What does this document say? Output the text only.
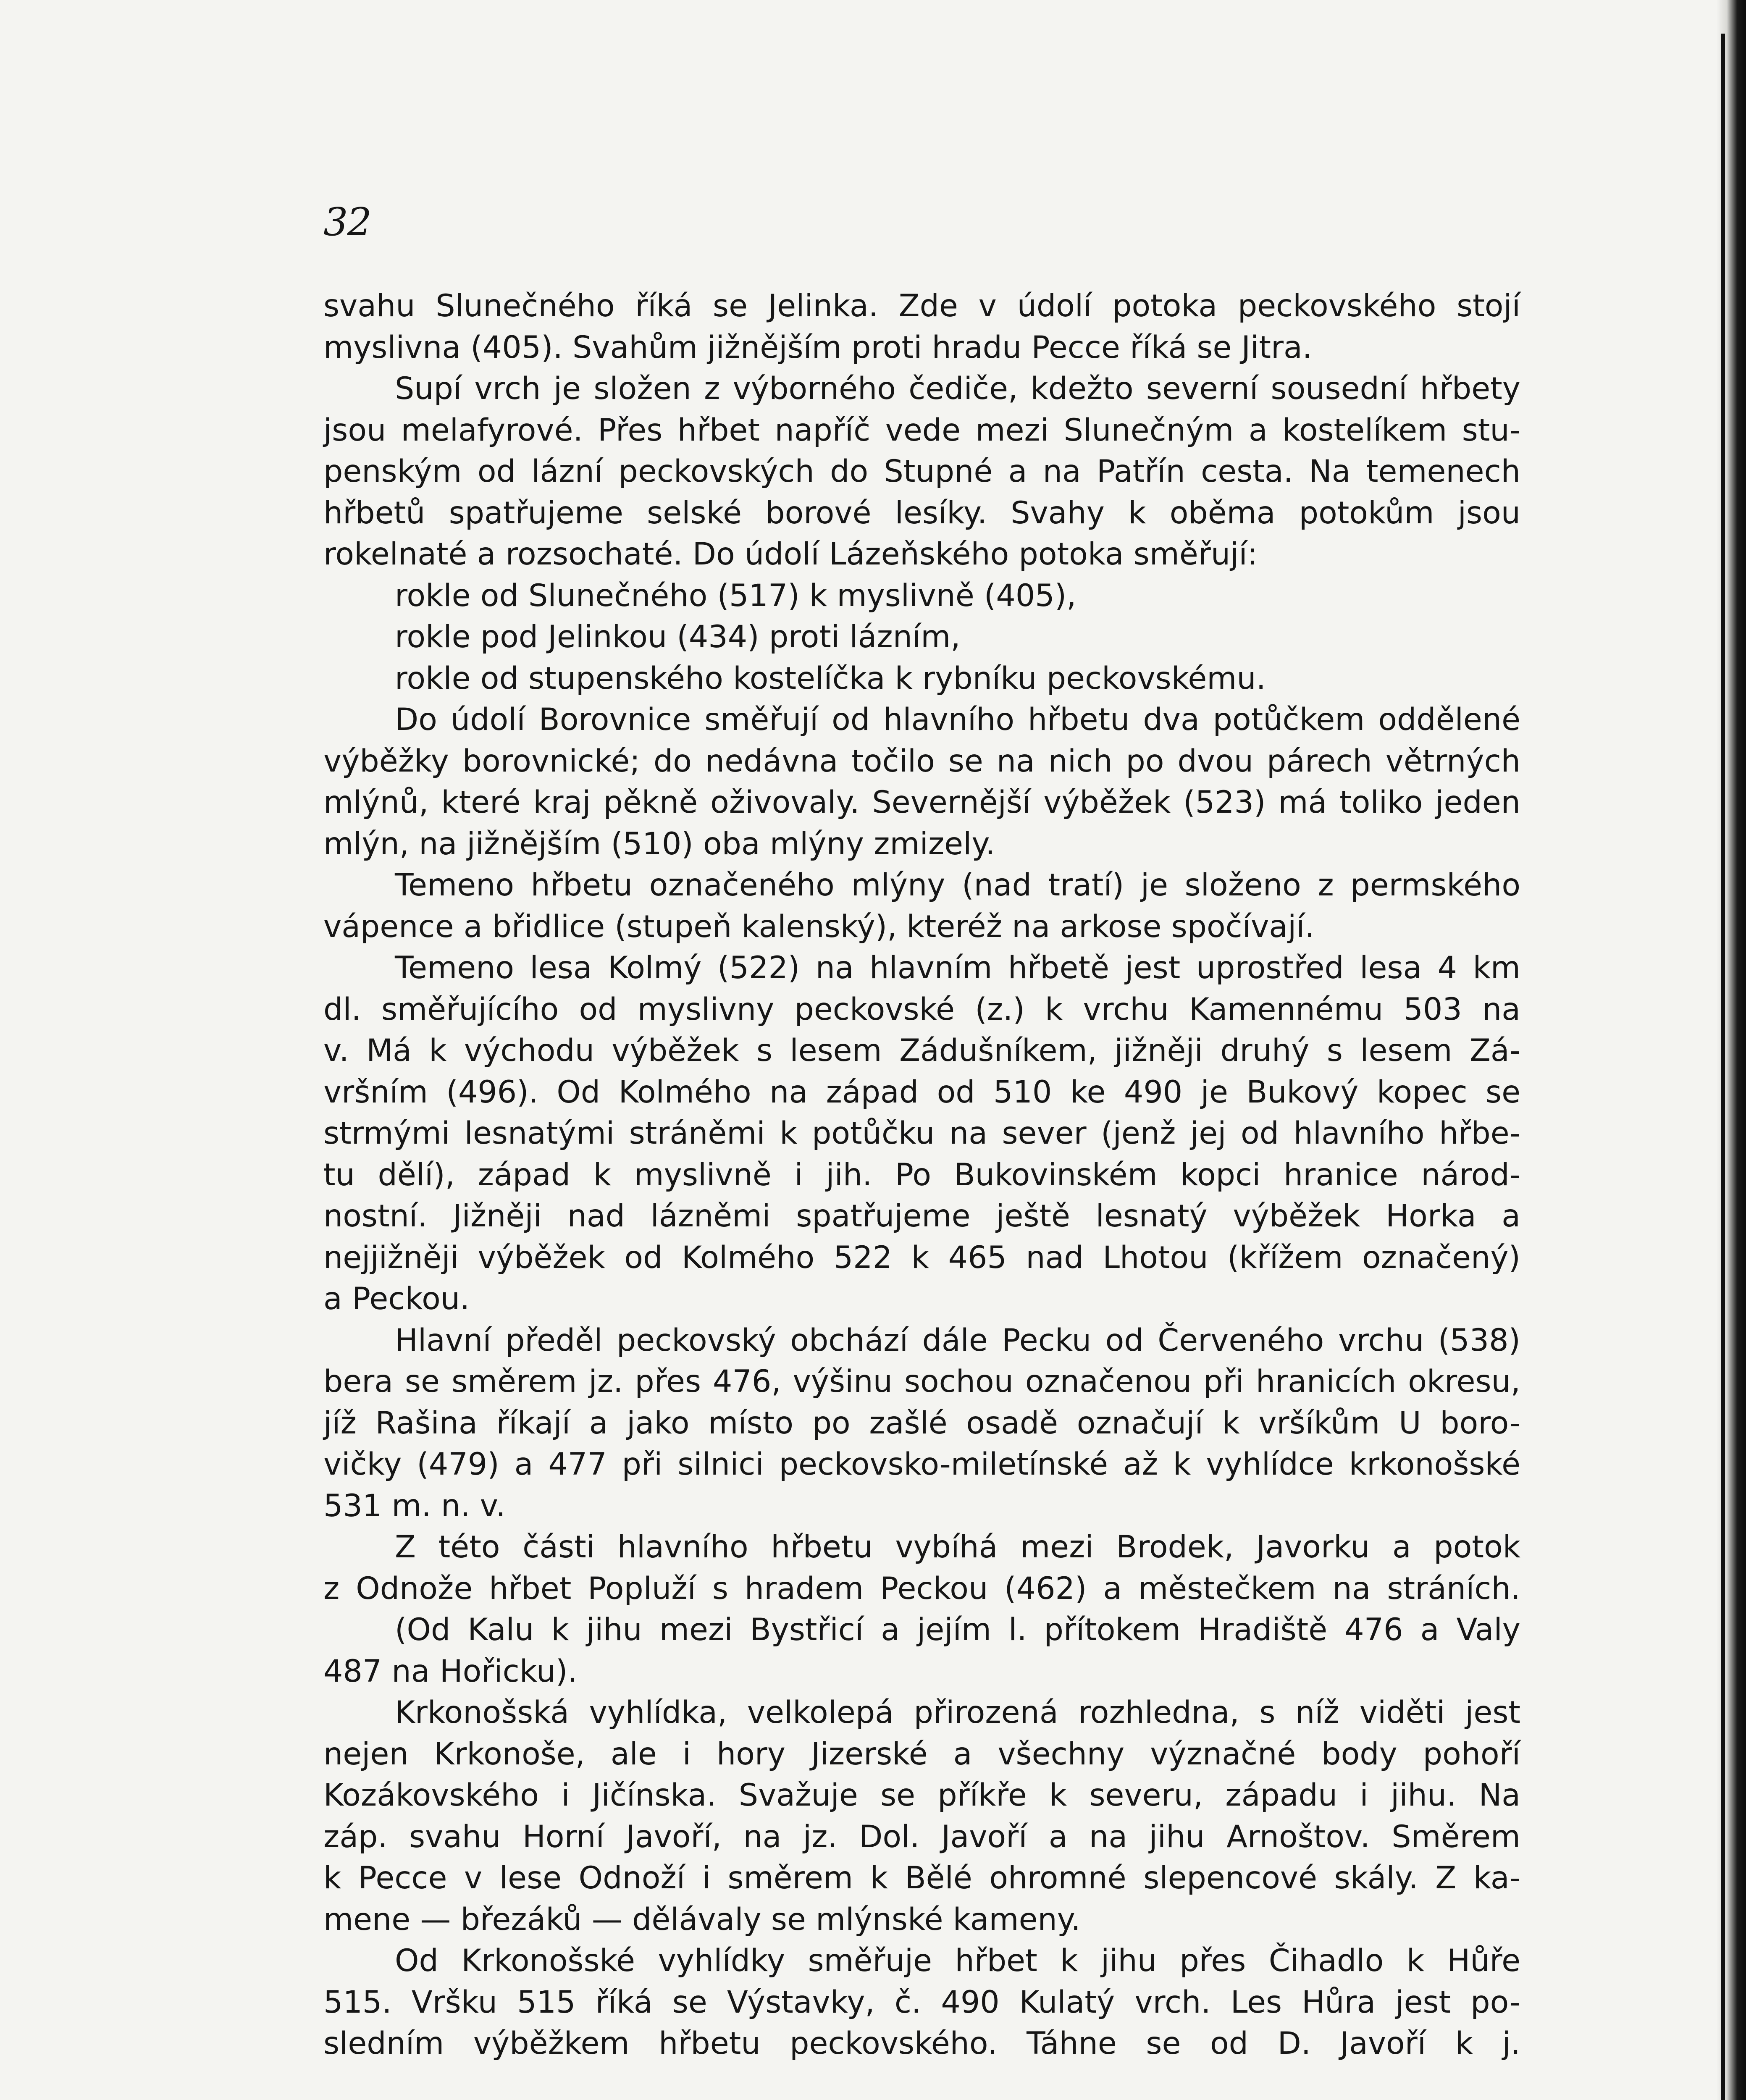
32
svahu Slunečného říká se Jelinka. Zde v údolí potoka peckovského stojí
myslivna (405). Svahům jižnějším proti hradu Pecce říká se Jitra.
Supí vrch je složen z výborného čediče, kdežto severní sousední hřbety
jsou melafyrové. Přes hřbet napříč vede mezi Slunečným a kostelíkem stu-
penským od lázní peckovských do Stupné a na Patřín cesta. Na temenech
hřbetů spatřujeme selské borové lesíky. Svahy k oběma potokům jsou
rokelnaté a rozsochaté. Do údolí Lázeňského potoka směřují:
rokle od Slunečného (517) k myslivně (405),
rokle pod Jelinkou (434) proti lázním,
rokle od stupenského kostelíčka k rybníku peckovskému.
Do údolí Borovnice směřují od hlavního hřbetu dva potůčkem oddělené
výběžky borovnické; do nedávna točilo se na nich po dvou párech větrných
mlýnů, které kraj pěkně oživovaly. Severnější výběžek (523) má toliko jeden
mlýn, na jižnějším (510) oba mlýny zmizely.
Temeno hřbetu označeného mlýny (nad tratí) je složeno z permského
vápence a břidlice (stupeň kalenský), kteréž na arkose spočívají.
Temeno lesa Kolmý (522) na hlavním hřbetě jest uprostřed lesa 4 km
dl. směřujícího od myslivny peckovské (z.) k vrchu Kamennému 503 na
v. Má k východu výběžek s lesem Zádušníkem, jižněji druhý s lesem Zá-
vršním (496). Od Kolmého na západ od 510 ke 490 je Bukový kopec se
strmými lesnatými stráněmi k potůčku na sever (jenž jej od hlavního hřbe-
tu dělí), západ k myslivně i jih. Po Bukovinském kopci hranice národ-
nostní. Jižněji nad lázněmi spatřujeme ještě lesnatý výběžek Horka a
nejjižněji výběžek od Kolmého 522 k 465 nad Lhotou (křížem označený)
a Peckou.
Hlavní předěl peckovský obchází dále Pecku od Červeného vrchu (538)
bera se směrem jz. přes 476, výšinu sochou označenou při hranicích okresu,
jíž Rašina říkají a jako místo po zašlé osadě označují k vršíkům U boro-
vičky (479) a 477 při silnici peckovsko-miletínské až k vyhlídce krkonošské
531 m. n. v.
Z této části hlavního hřbetu vybíhá mezi Brodek, Javorku a potok
z Odnože hřbet Popluží s hradem Peckou (462) a městečkem na stráních.
(Od Kalu k jihu mezi Bystřicí a jejím l. přítokem Hradiště 476 a Valy
487 na Hořicku).
Krkonošská vyhlídka, velkolepá přirozená rozhledna, s níž viděti jest
nejen Krkonoše, ale i hory Jizerské a všechny význačné body pohoří
Kozákovského i Jičínska. Svažuje se příkře k severu, západu i jihu. Na
záp. svahu Horní Javoří, na jz. Dol. Javoří a na jihu Arnoštov. Směrem
k Pecce v lese Odnoží i směrem k Bělé ohromné slepencové skály. Z ka-
mene — březáků — dělávaly se mlýnské kameny.
Od Krkonošské vyhlídky směřuje hřbet k jihu přes Čihadlo k Hůře
515. Vršku 515 říká se Výstavky, č. 490 Kulatý vrch. Les Hůra jest po-
sledním výběžkem hřbetu peckovského. Táhne se od D. Javoří k j.
